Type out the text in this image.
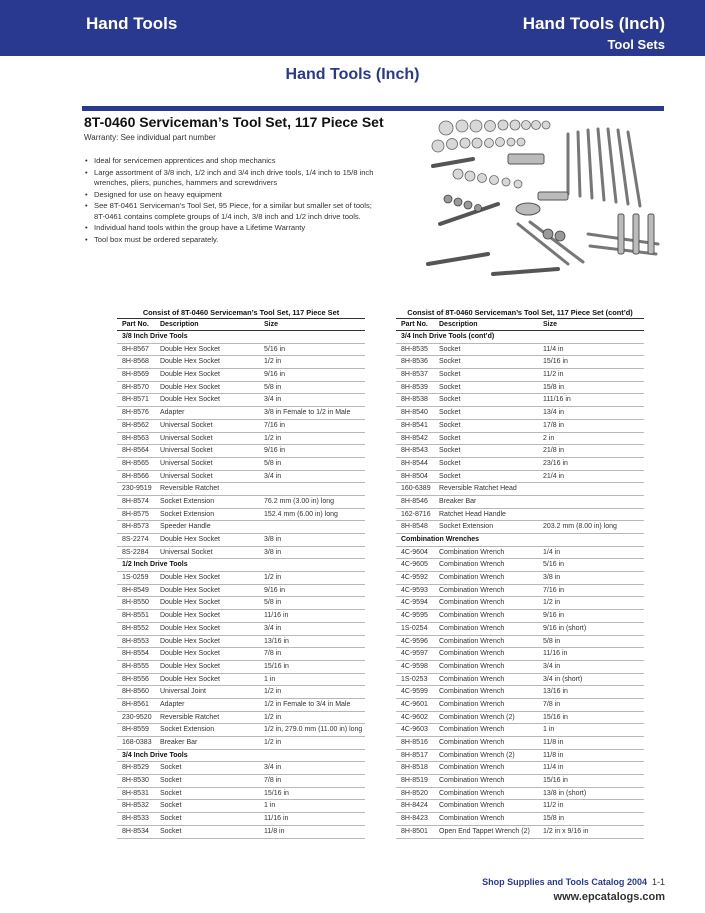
Hand Tools	Hand Tools (Inch)
Tool Sets
Hand Tools (Inch)
8T-0460 Serviceman’s Tool Set, 117 Piece Set
Warranty: See individual part number
• Ideal for servicemen apprentices and shop mechanics
• Large assortment of 3/8 inch, 1/2 inch and 3/4 inch drive tools, 1/4 inch to 15/8 inch wrenches, pliers, punches, hammers and screwdrivers
• Designed for use on heavy equipment
• See 8T-0461 Serviceman’s Tool Set, 95 Piece, for a similar but smaller set of tools; 8T-0461 contains complete groups of 1/4 inch, 3/8 inch and 1/2 inch drive tools.
• Individual hand tools within the group have a Lifetime Warranty
• Tool box must be ordered separately.
Consist of 8T-0460 Serviceman’s Tool Set, 117 Piece Set
Part No.	Description	Size
3/8 Inch Drive Tools
8H-8567	Double Hex Socket	5/16 in
8H-8568	Double Hex Socket	1/2 in
8H-8569	Double Hex Socket	9/16 in
8H-8570	Double Hex Socket	5/8 in
8H-8571	Double Hex Socket	3/4 in
8H-8576	Adapter	3/8 in Female to 1/2 in Male
8H-8562	Universal Socket	7/16 in
8H-8563	Universal Socket	1/2 in
8H-8564	Universal Socket	9/16 in
8H-8565	Universal Socket	5/8 in
8H-8566	Universal Socket	3/4 in
230-9519	Reversible Ratchet
8H-8574	Socket Extension	76.2 mm (3.00 in) long
8H-8575	Socket Extension	152.4 mm (6.00 in) long
8H-8573	Speeder Handle
8S-2274	Double Hex Socket	3/8 in
8S-2284	Universal Socket	3/8 in
1/2 Inch Drive Tools
1S-0259	Double Hex Socket	1/2 in
8H-8549	Double Hex Socket	9/16 in
8H-8550	Double Hex Socket	5/8 in
8H-8551	Double Hex Socket	11/16 in
8H-8552	Double Hex Socket	3/4 in
8H-8553	Double Hex Socket	13/16 in
8H-8554	Double Hex Socket	7/8 in
8H-8555	Double Hex Socket	15/16 in
8H-8556	Double Hex Socket	1 in
8H-8560	Universal Joint	1/2 in
8H-8561	Adapter	1/2 in Female to 3/4 in Male
230-9520	Reversible Ratchet	1/2 in
8H-8559	Socket Extension	1/2 in, 279.0 mm (11.00 in) long
168-0383	Breaker Bar	1/2 in
3/4 Inch Drive Tools
8H-8529	Socket	3/4 in
8H-8530	Socket	7/8 in
8H-8531	Socket	15/16 in
8H-8532	Socket	1 in
8H-8533	Socket	11/16 in
8H-8534	Socket	11/8 in
Consist of 8T-0460 Serviceman’s Tool Set, 117 Piece Set (cont’d)
Part No.	Description	Size
3/4 Inch Drive Tools (cont’d)
8H-8535	Socket	11/4 in
8H-8536	Socket	15/16 in
8H-8537	Socket	11/2 in
8H-8539	Socket	15/8 in
8H-8538	Socket	111/16 in
8H-8540	Socket	13/4 in
8H-8541	Socket	17/8 in
8H-8542	Socket	2 in
8H-8543	Socket	21/8 in
8H-8544	Socket	23/16 in
8H-8504	Socket	21/4 in
160-6389	Reversible Ratchet Head
8H-8546	Breaker Bar
162-8716	Ratchet Head Handle
8H-8548	Socket Extension	203.2 mm (8.00 in) long
Combination Wrenches
4C-9604	Combination Wrench	1/4 in
4C-9605	Combination Wrench	5/16 in
4C-9592	Combination Wrench	3/8 in
4C-9593	Combination Wrench	7/16 in
4C-9594	Combination Wrench	1/2 in
4C-9595	Combination Wrench	9/16 in
1S-0254	Combination Wrench	9/16 in (short)
4C-9596	Combination Wrench	5/8 in
4C-9597	Combination Wrench	11/16 in
4C-9598	Combination Wrench	3/4 in
1S-0253	Combination Wrench	3/4 in (short)
4C-9599	Combination Wrench	13/16 in
4C-9601	Combination Wrench	7/8 in
4C-9602	Combination Wrench (2)	15/16 in
4C-9603	Combination Wrench	1 in
8H-8516	Combination Wrench	11/8 in
8H-8517	Combination Wrench (2)	11/8 in
8H-8518	Combination Wrench	11/4 in
8H-8519	Combination Wrench	15/16 in
8H-8520	Combination Wrench	13/8 in (short)
8H-8424	Combination Wrench	11/2 in
8H-8423	Combination Wrench	15/8 in
8H-8501	Open End Tappet Wrench (2)	1/2 in x 9/16 in
Shop Supplies and Tools Catalog 2004 1-1
www.epcatalogs.com
